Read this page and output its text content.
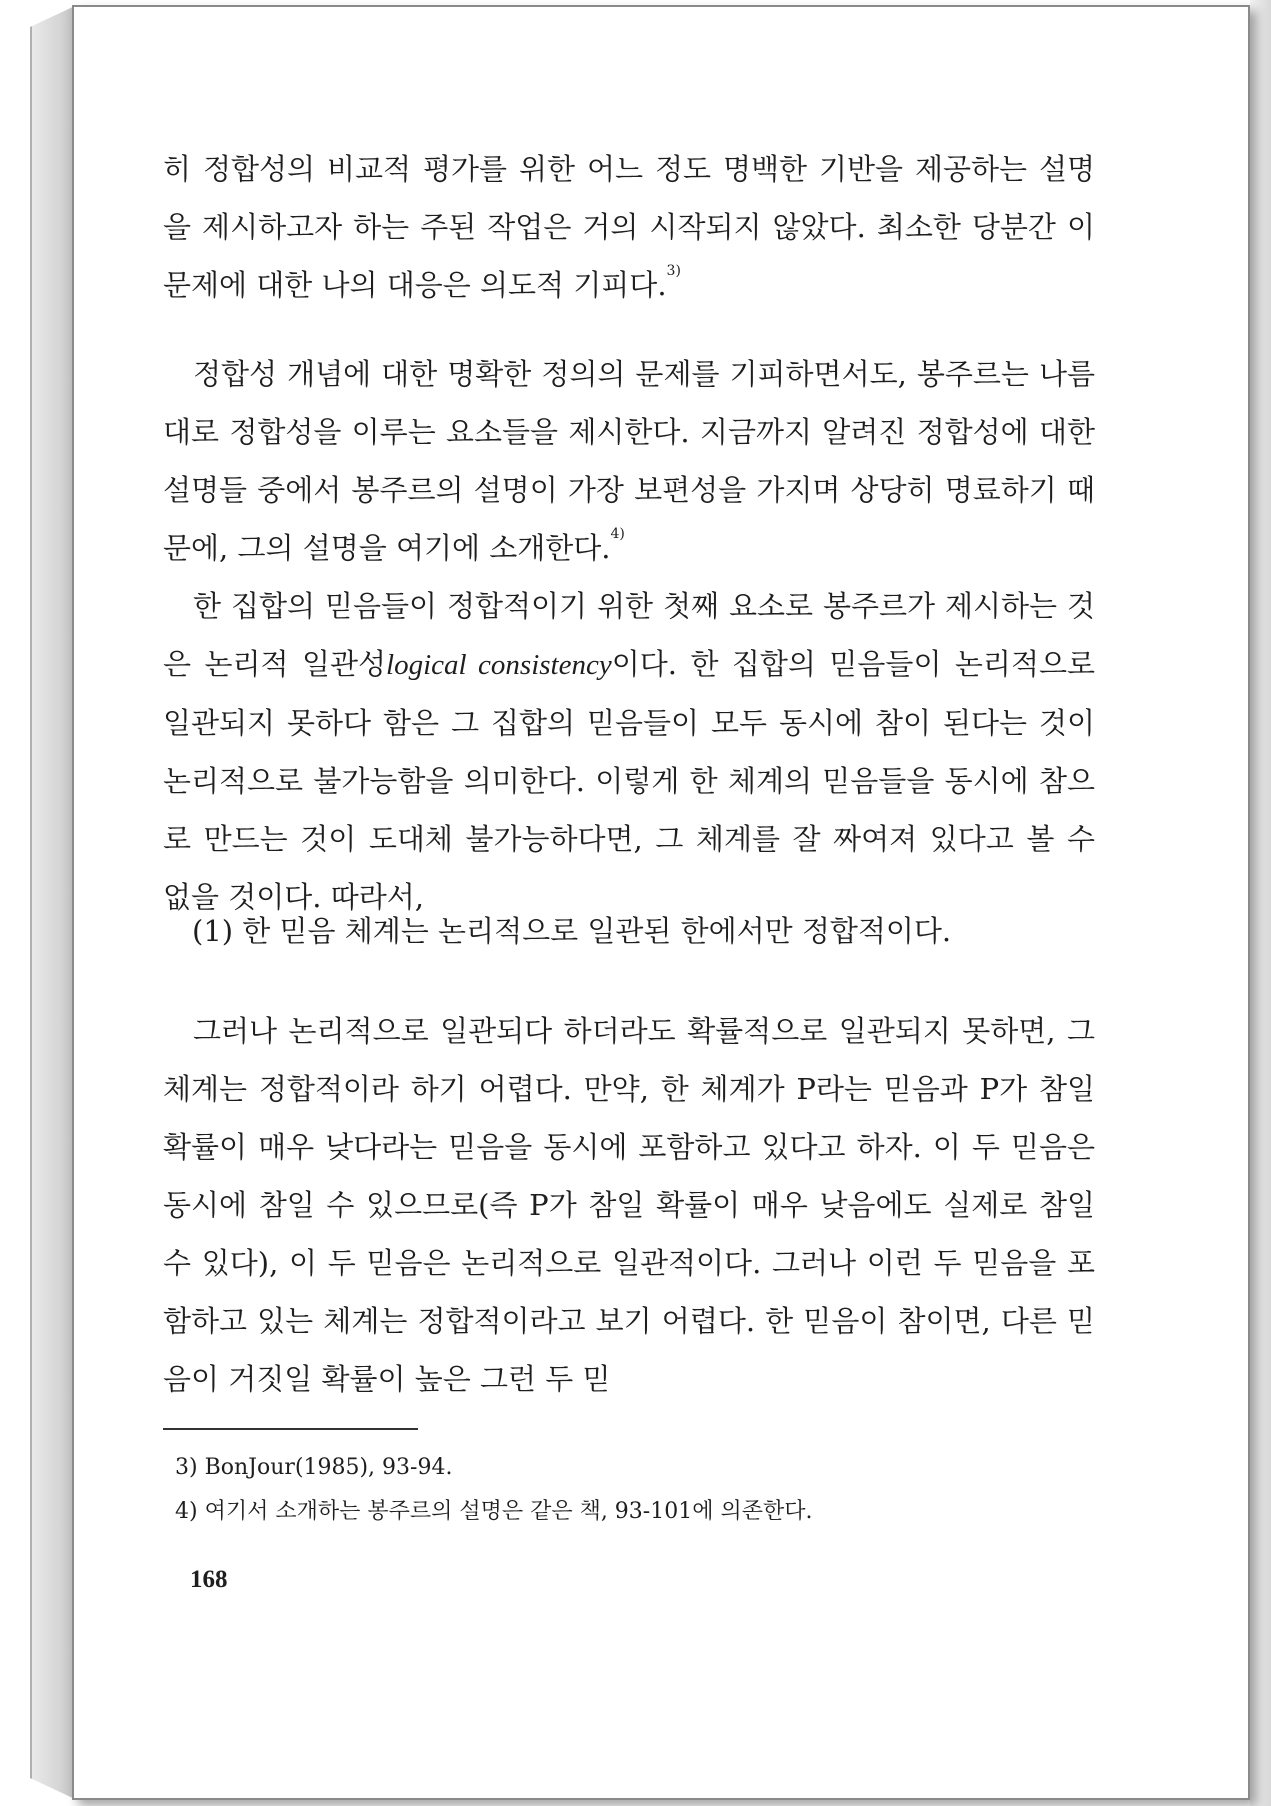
히 정합성의 비교적 평가를 위한 어느 정도 명백한 기반을 제공하는 설명을 제시하고자 하는 주된 작업은 거의 시작되지 않았다. 최소한 당분간 이 문제에 대한 나의 대응은 의도적 기피다.$^{3)}$

정합성 개념에 대한 명확한 정의의 문제를 기피하면서도, 봉주르는 나름대로 정합성을 이루는 요소들을 제시한다. 지금까지 알려진 정합성에 대한 설명들 중에서 봉주르의 설명이 가장 보편성을 가지며 상당히 명료하기 때문에, 그의 설명을 여기에 소개한다.$^{4)}$

한 집합의 믿음들이 정합적이기 위한 첫째 요소로 봉주르가 제시하는 것은 논리적 일관성logical consistency이다. 한 집합의 믿음들이 논리적으로 일관되지 못하다 함은 그 집합의 믿음들이 모두 동시에 참이 된다는 것이 논리적으로 불가능함을 의미한다. 이렇게 한 체계의 믿음들을 동시에 참으로 만드는 것이 도대체 불가능하다면, 그 체계를 잘 짜여져 있다고 볼 수 없을 것이다. 따라서,

(1) 한 믿음 체계는 논리적으로 일관된 한에서만 정합적이다.

그러나 논리적으로 일관되다 하더라도 확률적으로 일관되지 못하면, 그 체계는 정합적이라 하기 어렵다. 만약, 한 체계가 P라는 믿음과 P가 참일 확률이 매우 낮다라는 믿음을 동시에 포함하고 있다고 하자. 이 두 믿음은 동시에 참일 수 있으므로(즉 P가 참일 확률이 매우 낮음에도 실제로 참일 수 있다), 이 두 믿음은 논리적으로 일관적이다. 그러나 이런 두 믿음을 포함하고 있는 체계는 정합적이라고 보기 어렵다. 한 믿음이 참이면, 다른 믿음이 거짓일 확률이 높은 그런 두 믿

3) BonJour(1985), 93-94.
4) 여기서 소개하는 봉주르의 설명은 같은 책, 93-101에 의존한다.
168
